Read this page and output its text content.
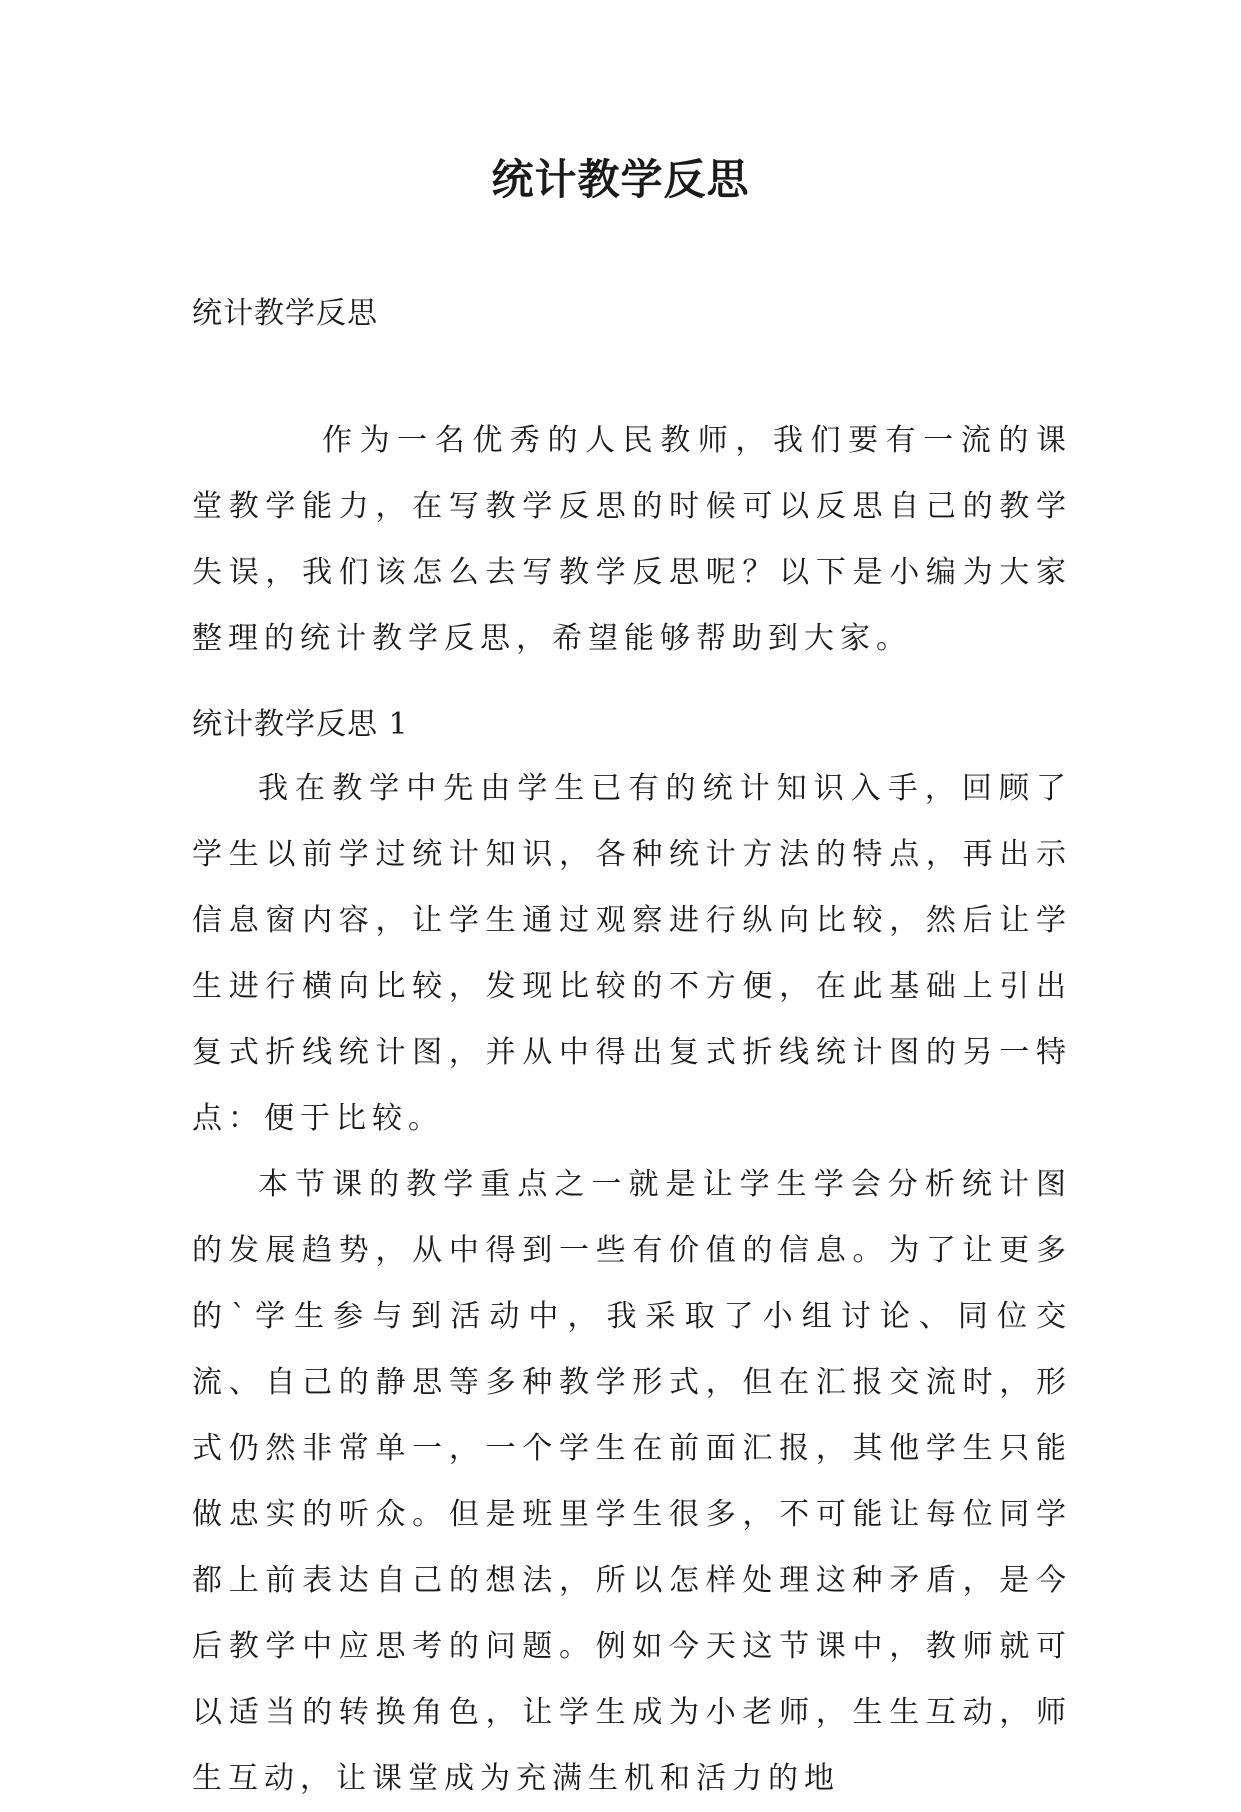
统计教学反思

统计教学反思

作为一名优秀的人民教师，我们要有一流的课堂教学能力，在写教学反思的时候可以反思自己的教学失误，我们该怎么去写教学反思呢？以下是小编为大家整理的统计教学反思，希望能够帮助到大家。

统计教学反思 1

我在教学中先由学生已有的统计知识入手，回顾了学生以前学过统计知识，各种统计方法的特点，再出示信息窗内容，让学生通过观察进行纵向比较，然后让学生进行横向比较，发现比较的不方便，在此基础上引出复式折线统计图，并从中得出复式折线统计图的另一特点：便于比较。

本节课的教学重点之一就是让学生学会分析统计图的发展趋势，从中得到一些有价值的信息。为了让更多的`学生参与到活动中，我采取了小组讨论、同位交流、自己的静思等多种教学形式，但在汇报交流时，形式仍然非常单一，一个学生在前面汇报，其他学生只能做忠实的听众。但是班里学生很多，不可能让每位同学都上前表达自己的想法，所以怎样处理这种矛盾，是今后教学中应思考的问题。例如今天这节课中，教师就可以适当的转换角色，让学生成为小老师，生生互动，师生互动，让课堂成为充满生机和活力的地
